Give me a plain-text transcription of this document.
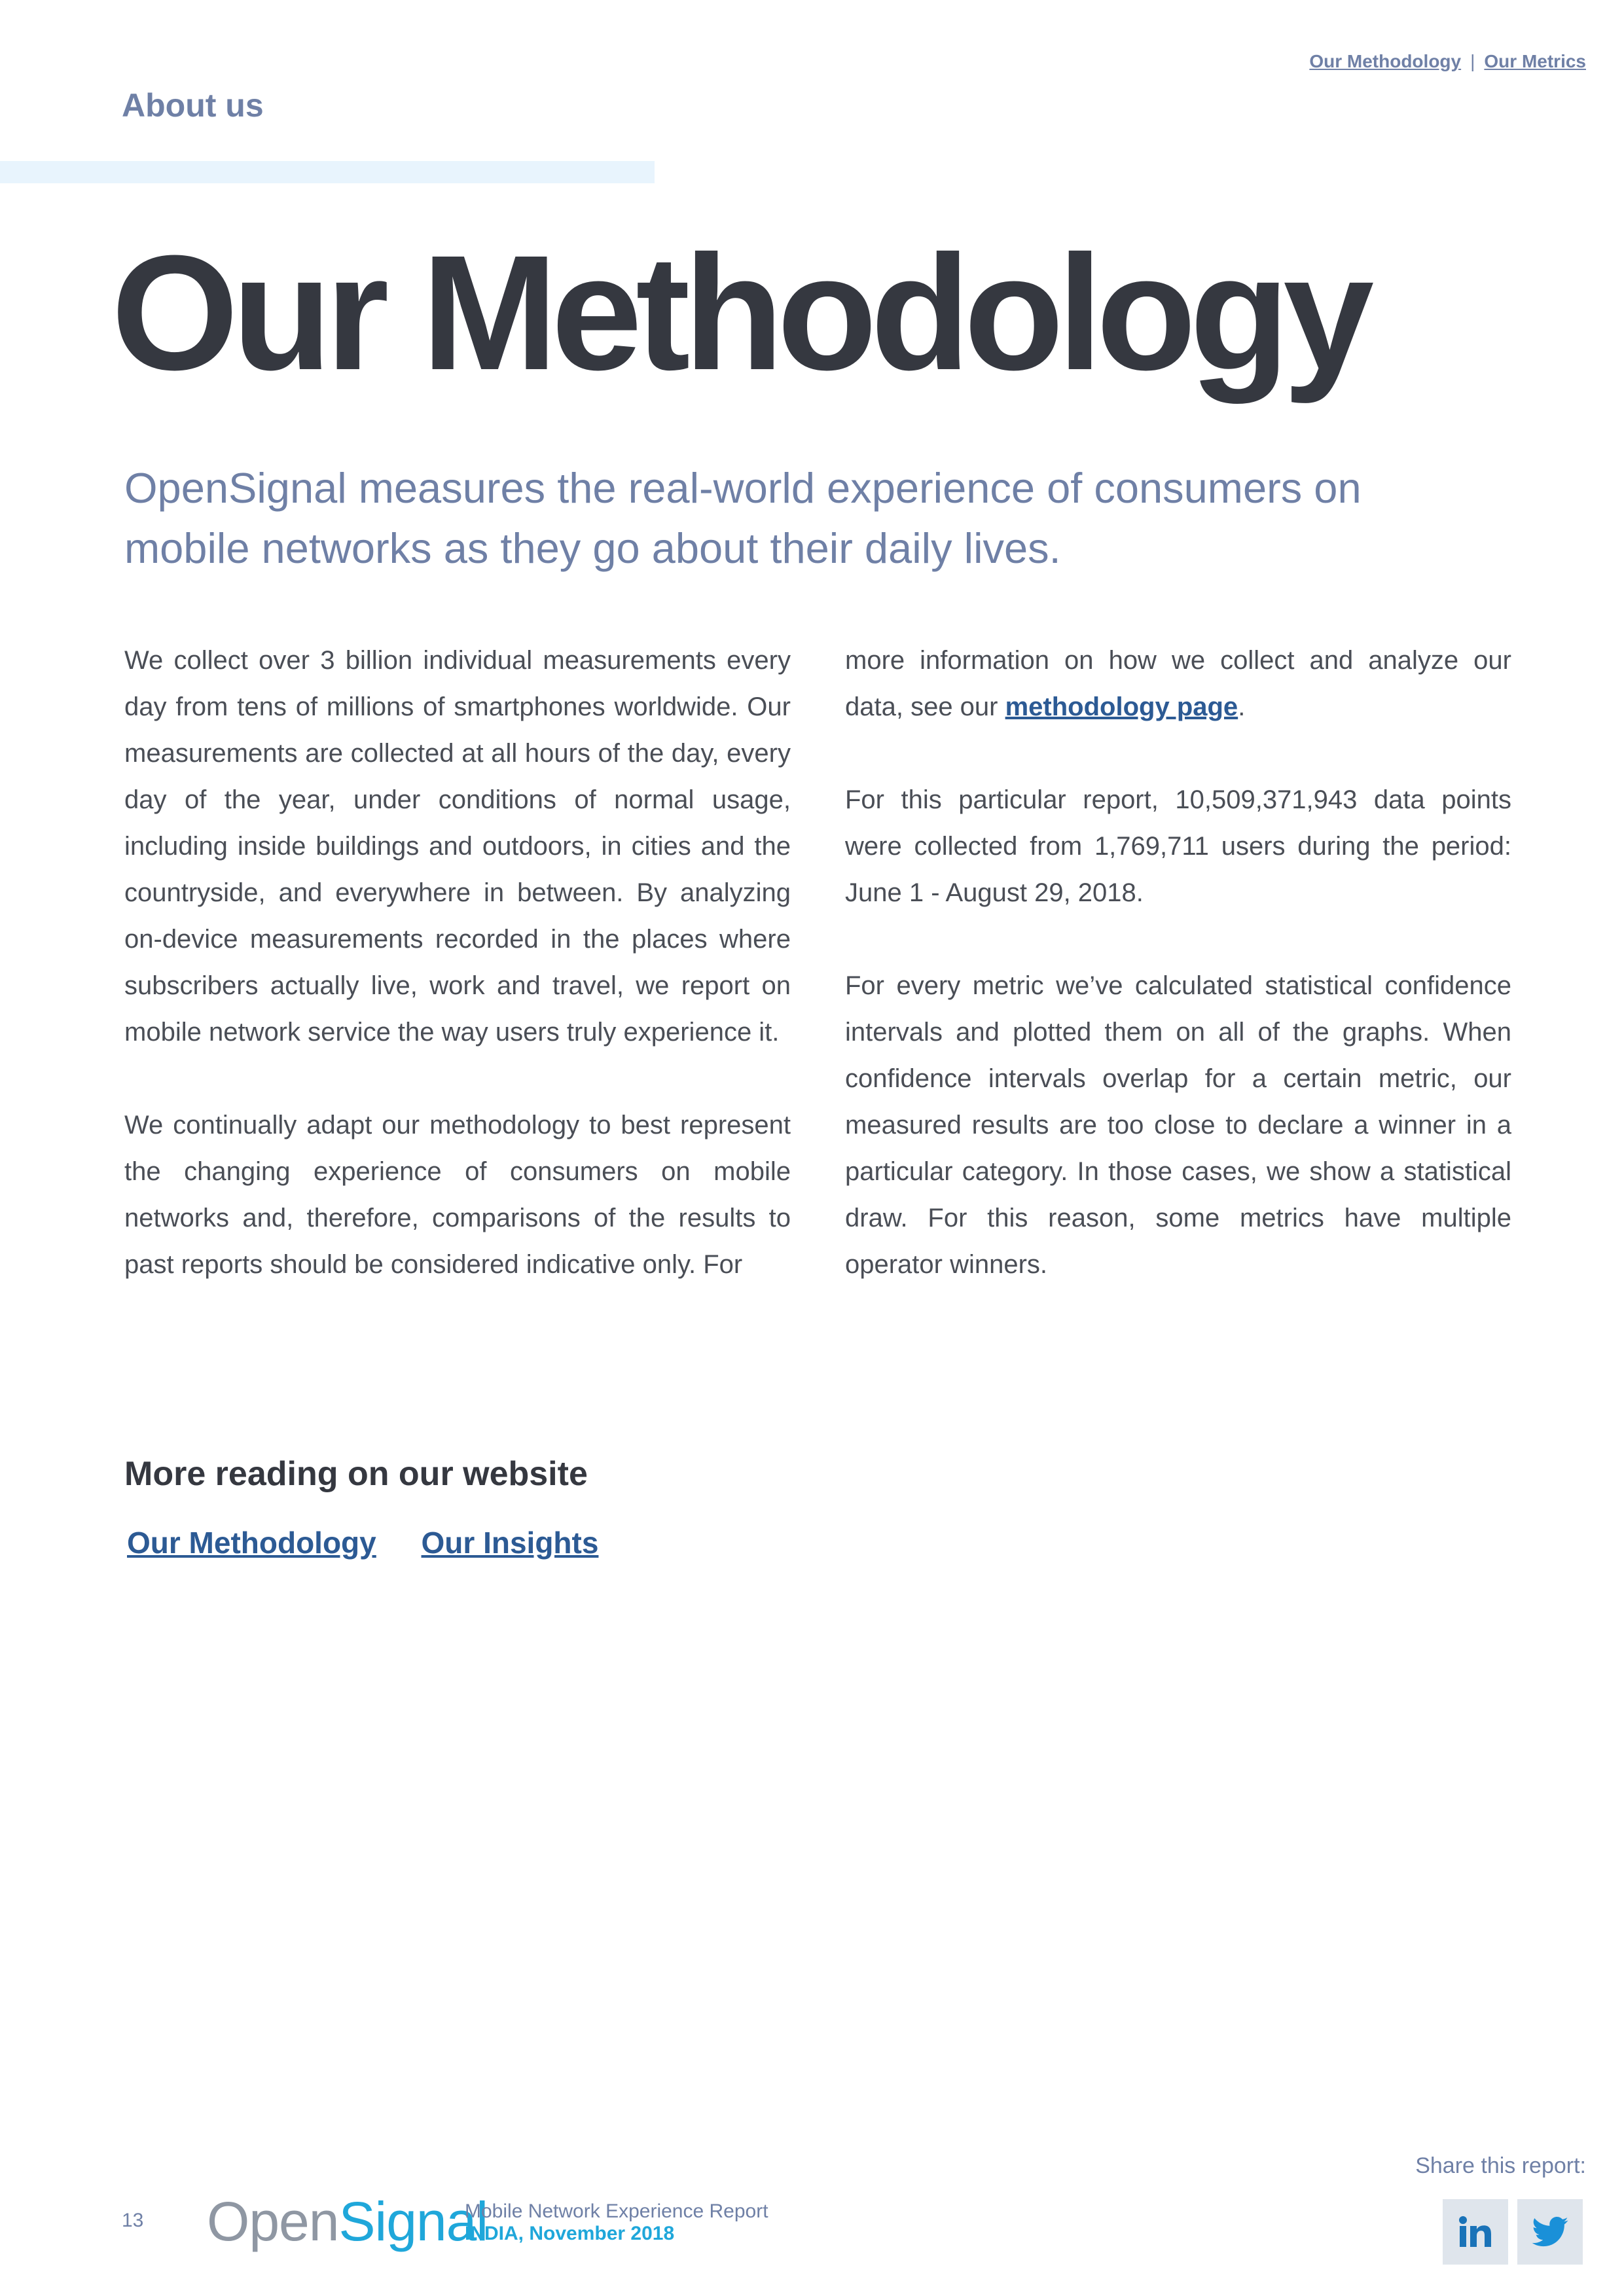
Our Methodology | Our Metrics
About us
Our Methodology
OpenSignal measures the real-world experience of consumers on mobile networks as they go about their daily lives.

We collect over 3 billion individual measurements every day from tens of millions of smartphones worldwide. Our measurements are collected at all hours of the day, every day of the year, under conditions of normal usage, including inside buildings and outdoors, in cities and the countryside, and everywhere in between. By analyzing on-device measurements recorded in the places where subscribers actually live, work and travel, we report on mobile network service the way users truly experience it.

We continually adapt our methodology to best represent the changing experience of consumers on mobile networks and, therefore, comparisons of the results to past reports should be considered indicative only. For

more information on how we collect and analyze our data, see our methodology page.

For this particular report, 10,509,371,943 data points were collected from 1,769,711 users during the period: June 1 - August 29, 2018.

For every metric we’ve calculated statistical confidence intervals and plotted them on all of the graphs. When confidence intervals overlap for a certain metric, our measured results are too close to declare a winner in a particular category. In those cases, we show a statistical draw. For this reason, some metrics have multiple operator winners.

More reading on our website
Our Methodology Our Insights
Share this report:
13 OpenSignal
Mobile Network Experience Report
INDIA, November 2018
